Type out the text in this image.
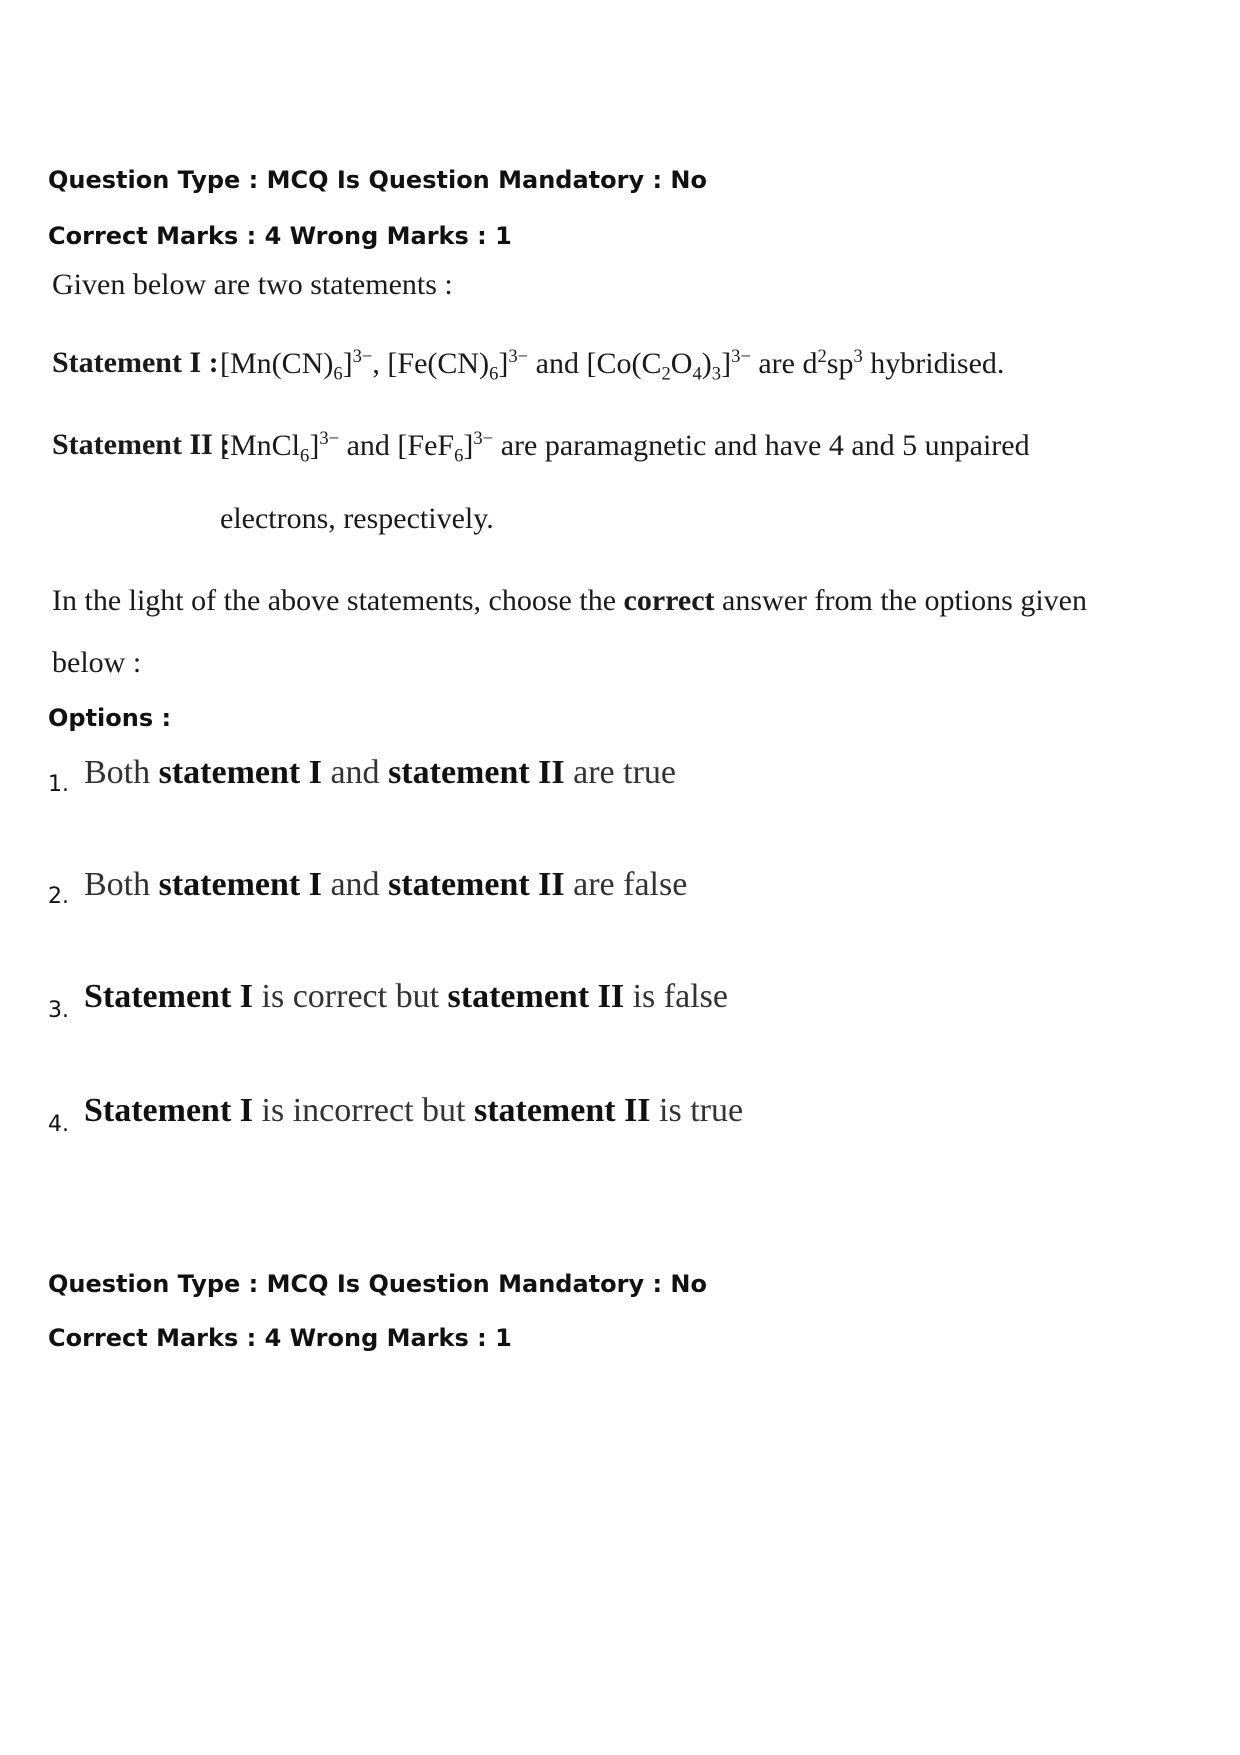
Question Type : MCQ Is Question Mandatory : No

Correct Marks : 4 Wrong Marks : 1

Given below are two statements :

Statement I : $[Mn(CN)_6]^{3-}$, $[Fe(CN)_6]^{3-}$ and $[Co(C_2O_4)_3]^{3-}$ are $d^2sp^3$ hybridised.

Statement II :

[MnCl$_6$]$^{3-}$ and $[FeF_6]^{3-}$ are paramagnetic and have 4 and 5 unpaired

electrons, respectively.

In the light of the above statements, choose the correct answer from the options given

below :

Options :

1. Both statement I and statement II are true
2. Both statement I and statement II are false
3. Statement I is correct but statement II is false
4. Statement I is incorrect but statement II is true

Question Type : MCQ Is Question Mandatory : No

Correct Marks : 4 Wrong Marks : 1
